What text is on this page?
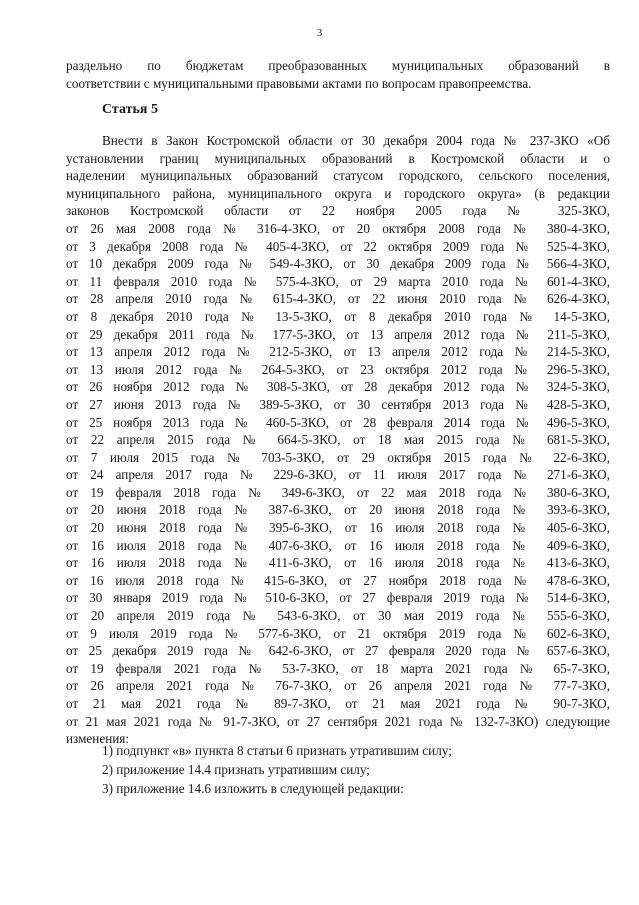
3
раздельно по бюджетам преобразованных муниципальных образований в
соответствии с муниципальными правовыми актами по вопросам правопреемства.
Статья 5
Внести в Закон Костромской области от 30 декабря 2004 года № 237-ЗКО «Об
установлении границ муниципальных образований в Костромской области и о
наделении муниципальных образований статусом городского, сельского поселения,
муниципального района, муниципального округа и городского округа» (в редакции
законов Костромской области от 22 ноября 2005 года № 325-ЗКО,
от 26 мая 2008 года № 316-4-ЗКО, от 20 октября 2008 года № 380-4-ЗКО,
от 3 декабря 2008 года № 405-4-ЗКО, от 22 октября 2009 года № 525-4-ЗКО,
от 10 декабря 2009 года № 549-4-ЗКО, от 30 декабря 2009 года № 566-4-ЗКО,
от 11 февраля 2010 года № 575-4-ЗКО, от 29 марта 2010 года № 601-4-ЗКО,
от 28 апреля 2010 года № 615-4-ЗКО, от 22 июня 2010 года № 626-4-ЗКО,
от 8 декабря 2010 года № 13-5-ЗКО, от 8 декабря 2010 года № 14-5-ЗКО,
от 29 декабря 2011 года № 177-5-ЗКО, от 13 апреля 2012 года № 211-5-ЗКО,
от 13 апреля 2012 года № 212-5-ЗКО, от 13 апреля 2012 года № 214-5-ЗКО,
от 13 июля 2012 года № 264-5-ЗКО, от 23 октября 2012 года № 296-5-ЗКО,
от 26 ноября 2012 года № 308-5-ЗКО, от 28 декабря 2012 года № 324-5-ЗКО,
от 27 июня 2013 года № 389-5-ЗКО, от 30 сентября 2013 года № 428-5-ЗКО,
от 25 ноября 2013 года № 460-5-ЗКО, от 28 февраля 2014 года № 496-5-ЗКО,
от 22 апреля 2015 года № 664-5-ЗКО, от 18 мая 2015 года № 681-5-ЗКО,
от 7 июля 2015 года № 703-5-ЗКО, от 29 октября 2015 года № 22-6-ЗКО,
от 24 апреля 2017 года № 229-6-ЗКО, от 11 июля 2017 года № 271-6-ЗКО,
от 19 февраля 2018 года № 349-6-ЗКО, от 22 мая 2018 года № 380-6-ЗКО,
от 20 июня 2018 года № 387-6-ЗКО, от 20 июня 2018 года № 393-6-ЗКО,
от 20 июня 2018 года № 395-6-ЗКО, от 16 июля 2018 года № 405-6-ЗКО,
от 16 июля 2018 года № 407-6-ЗКО, от 16 июля 2018 года № 409-6-ЗКО,
от 16 июля 2018 года № 411-6-ЗКО, от 16 июля 2018 года № 413-6-ЗКО,
от 16 июля 2018 года № 415-6-ЗКО, от 27 ноября 2018 года № 478-6-ЗКО,
от 30 января 2019 года № 510-6-ЗКО, от 27 февраля 2019 года № 514-6-ЗКО,
от 20 апреля 2019 года № 543-6-ЗКО, от 30 мая 2019 года № 555-6-ЗКО,
от 9 июля 2019 года № 577-6-ЗКО, от 21 октября 2019 года № 602-6-ЗКО,
от 25 декабря 2019 года № 642-6-ЗКО, от 27 февраля 2020 года № 657-6-ЗКО,
от 19 февраля 2021 года № 53-7-ЗКО, от 18 марта 2021 года № 65-7-ЗКО,
от 26 апреля 2021 года № 76-7-ЗКО, от 26 апреля 2021 года № 77-7-ЗКО,
от 21 мая 2021 года № 89-7-ЗКО, от 21 мая 2021 года № 90-7-ЗКО,
от 21 мая 2021 года № 91-7-ЗКО, от 27 сентября 2021 года № 132-7-ЗКО) следующие
изменения:
1) подпункт «в» пункта 8 статьи 6 признать утратившим силу;
2) приложение 14.4 признать утратившим силу;
3) приложение 14.6 изложить в следующей редакции:
